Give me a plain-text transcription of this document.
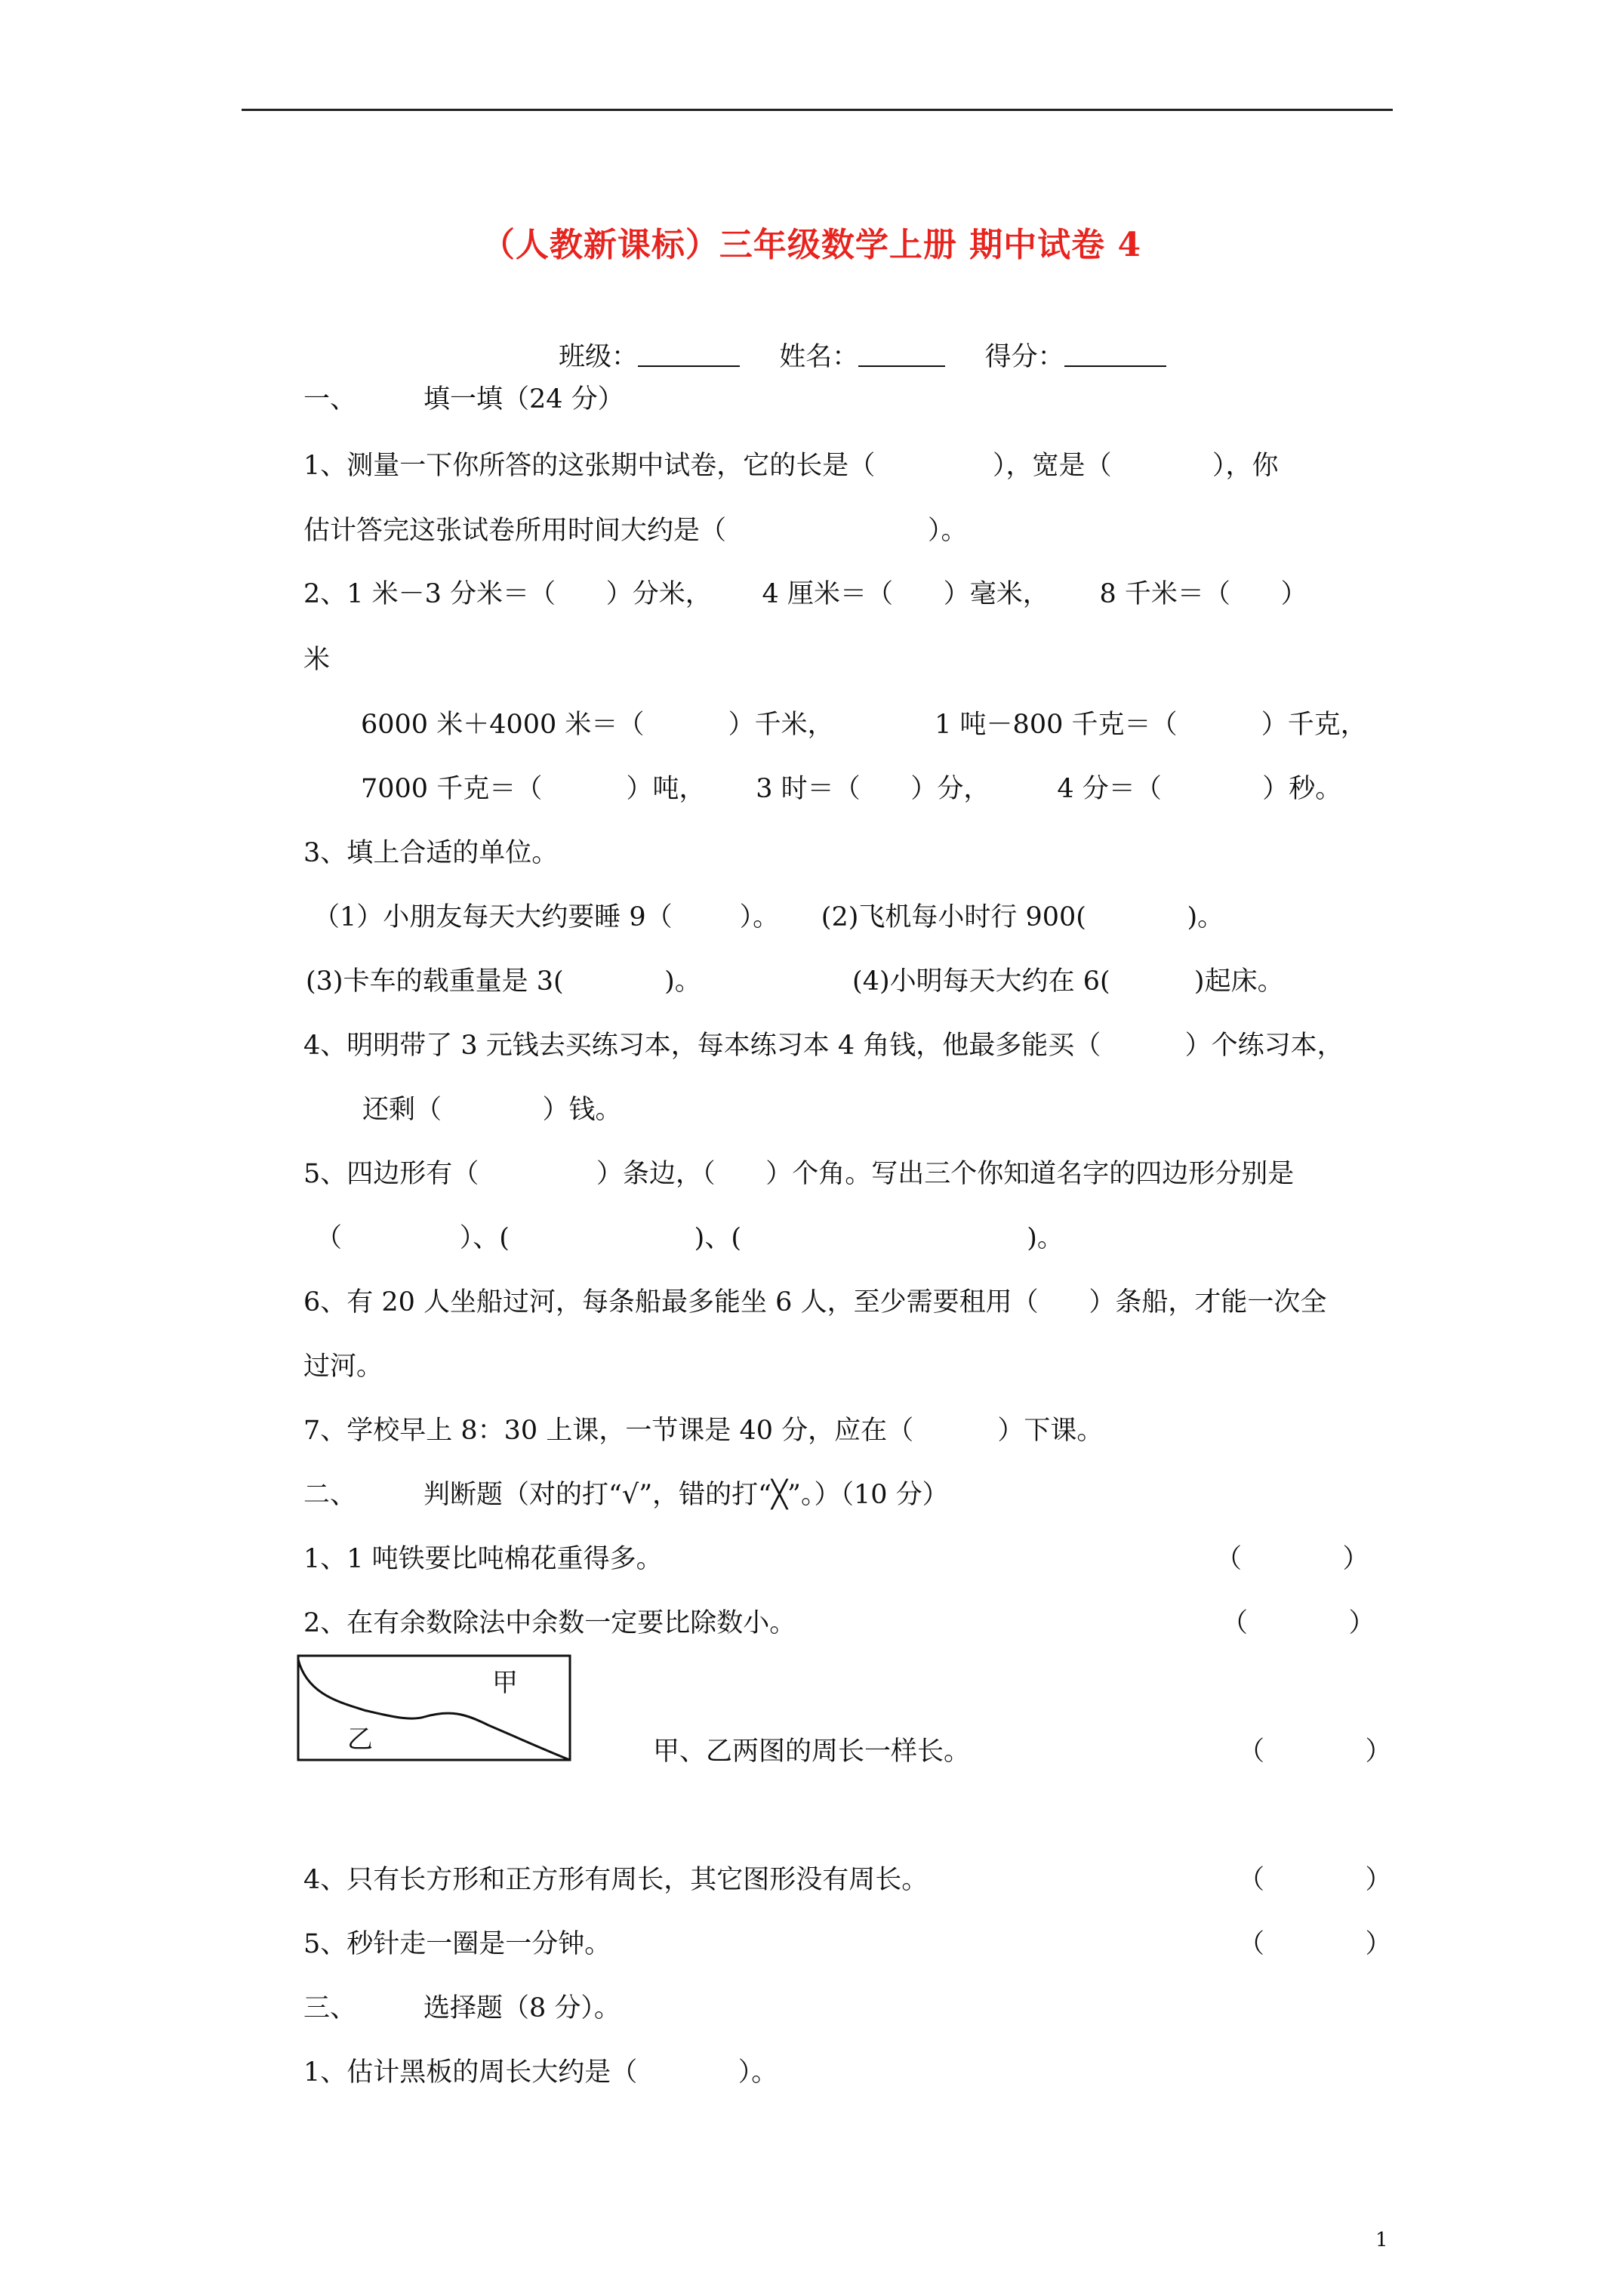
（人教新课标）三年级数学上册 期中试卷 4
班级：	姓名：	得分：
一、        填一填（24 分）
1、测量一下你所答的这张期中试卷，它的长是（              ），宽是（            ），你
估计答完这张试卷所用时间大约是（                        ）。
2、1 米－3 分米＝（      ）分米，      4 厘米＝（      ）毫米，      8 千米＝（      ）
米
6000 米＋4000 米＝（          ）千米，            1 吨－800 千克＝（          ）千克，
7000 千克＝（          ）吨，      3 时＝（      ）分，        4 分＝（            ）秒。
3、填上合适的单位。
（1）小朋友每天大约要睡 9（        ）。     (2)飞机每小时行 900(            )。
(3)卡车的载重量是 3(            )。                  (4)小明每天大约在 6(          )起床。
4、明明带了 3 元钱去买练习本，每本练习本 4 角钱，他最多能买（          ）个练习本，
还剩（            ）钱。
5、四边形有（              ）条边，（      ）个角。写出三个你知道名字的四边形分别是
（              ）、(                      )、(                                  )。
6、有 20 人坐船过河，每条船最多能坐 6 人，至少需要租用（      ）条船，才能一次全
过河。
7、学校早上 8：30 上课，一节课是 40 分，应在（          ）下课。
二、        判断题（对的打“√”，错的打“╳”。）（10 分）
1、1 吨铁要比吨棉花重得多。	（            ）
2、在有余数除法中余数一定要比除数小。	（            ）
甲
乙	甲、乙两图的周长一样长。	（            ）
4、只有长方形和正方形有周长，其它图形没有周长。	（            ）
5、秒针走一圈是一分钟。	（            ）
三、        选择题（8 分）。
1、估计黑板的周长大约是（            ）。
1
